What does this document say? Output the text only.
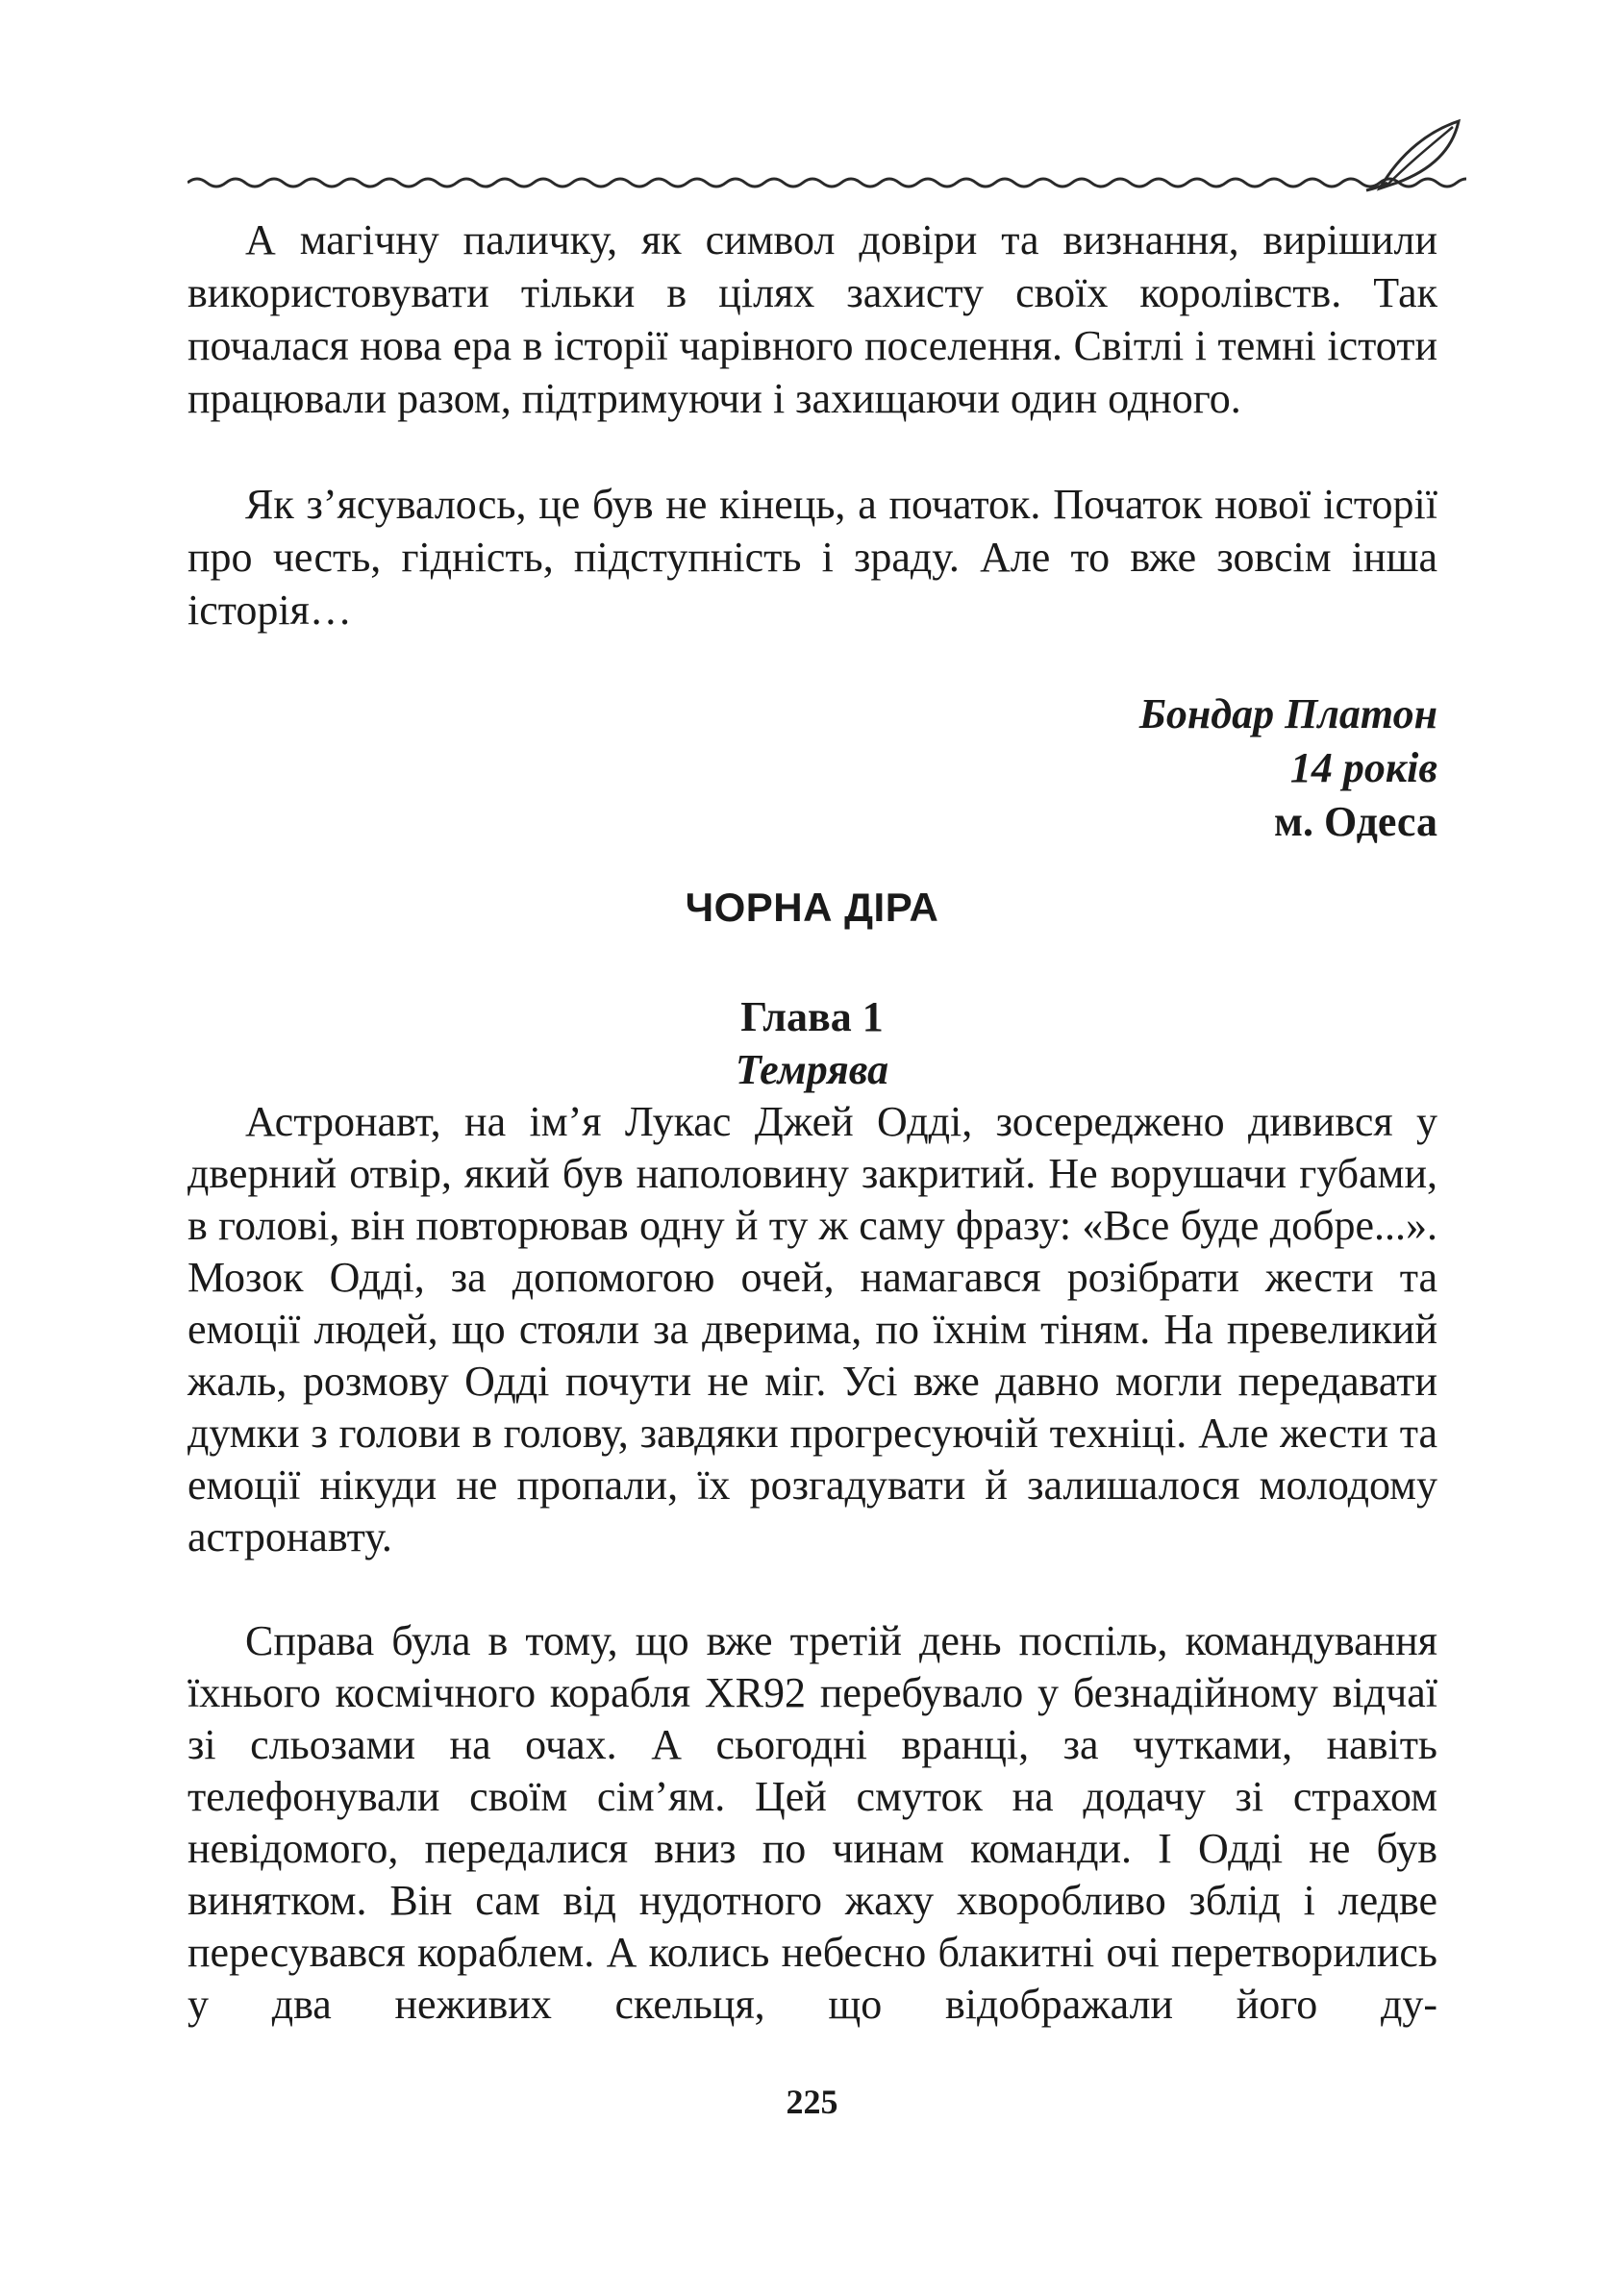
А магічну паличку, як символ довіри та визнання, вирішили використовувати тільки в цілях захисту своїх королівств. Так почалася нова ера в історії чарівного поселення. Світлі і темні істоти працювали разом, підтримуючи і захищаючи один одного.

Як зʼясувалось, це був не кінець, а початок. Початок нової історії про честь, гідність, підступність і зраду. Але то вже зовсім інша історія…

Бондар Платон
14 років
м. Одеса
ЧОРНА ДІРА
Глава 1
Темрява

Астронавт, на імʼя Лукас Джей Одді, зосереджено дивився у дверний отвір, який був наполовину закритий. Не ворушачи губами, в голові, він повторював одну й ту ж саму фразу: «Все буде добре...». Мозок Одді, за допомогою очей, намагався розібрати жести та емоції людей, що стояли за дверима, по їхнім тіням. На превеликий жаль, розмову Одді почути не міг. Усі вже давно могли передавати думки з голови в голову, завдяки прогресуючій техніці. Але жести та емоції нікуди не пропали, їх розгадувати й залишалося молодому астронавту.

Справа була в тому, що вже третій день поспіль, командування їхнього космічного корабля XR92 перебувало у безнадійному відчаї зі сльозами на очах. А сьогодні вранці, за чутками, навіть телефонували своїм сімʼям. Цей смуток на додачу зі страхом невідомого, передалися вниз по чинам команди. І Одді не був винятком. Він сам від нудотного жаху хворобливо зблід і ледве пересувався кораблем. А колись небесно блакитні очі перетворились у два неживих скельця, що відображали його ду-

225
